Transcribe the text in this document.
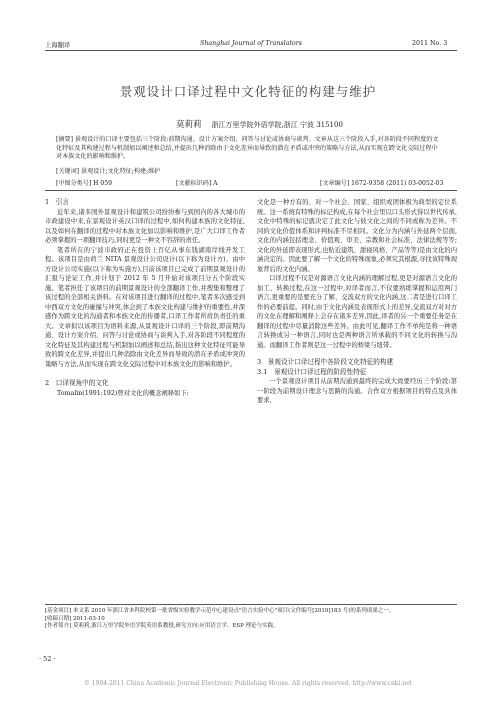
上海翻译	Shanghai Journal of Translators	2011 No. 3
景观设计口译过程中文化特征的构建与维护
莫莉莉 浙江万里学院外语学院,浙江 宁波 315100
[摘要] 景观设计的口译主要包括三个阶段:前期沟通、设计方案介绍、问答与讨论或协商与谈判。文章从这三个阶段入手,对各阶段不同程度的文化特征及其构建过程与机制加以阐述和总结,并提出几种消除由于文化差异而导致的潜在矛盾或冲突的策略与方法,从而实现在跨文化交际过程中对本族文化的影响和维护。
[关键词] 景观设计;文化特征;构建;维护
[中图分类号] H 059	[文献标识码] A	[文章编号] 1672-9358 (2011) 03-0052-03
1　引言

近年来,诸多国外景观设计和建筑公司纷纷参与到国内的各大城市的市政建设中来,在景观设计英汉口译的过程中,如何构建本族的文化特征,以及如何在翻译的过程中对本族文化加以影响和维护,是广大口译工作者必须掌握的一项翻译技巧,同时更是一种文不容辞的责任。

笔者所在的宁波市政府正在投资上百亿从事东钱湖南岸线开发工程。该项目是由荷兰 NITA 景观设计公司设计(以下称为设计方)、由中方设计公司实施(以下称为实施方),目前该项目已完成了前期景观设计的汇报与论证工作,并计划于 2012 年 5 月开始对该项目分五个阶段实施。笔者担任了该项目的前期景观设计的全部翻译工作,并搜集和整理了该过程的全部相关语料。在对该项目进行翻译的过程中,笔者多次感受到中西双方文化的碰撞与冲突,体会到了本族文化构建与维护的重要性,并深感作为跨文化的沟通者和本族文化的传播者,口译工作者所肩负责任的重大。文章拟以该项目为语料来源,从景观设计口译的三个阶段,即前期沟通、设计方案介绍、问答与讨论或协商与谈判入手,对各阶段不同程度的文化特征及其构建过程与机制加以阐述和总结,指出这种文化特征可能导致的跨文化差异,并提出几种消除由文化差异而导致的潜在矛盾或冲突的策略与方法,从而实现在跨文化交际过程中对本族文化的影响和维护。

2　口译视角中的文化

Tomalin(1991:192)曾对文化的概念阐释如下:

文化是一种方有的、对一个社会、国家、组织或团体极为典型的定位系统。这一系统有特殊的标记构成,在每个社会里以口头形式得以世代传承,文化中特殊的标记就决定了此文化与彼文化之间的不同或称为差异。不同的文化价值体系和评判标准不尽相同。文化分为内涵与外延两个层面,文化的内涵包括理念、价值观、审美、宗教和社会标准、法律法规等等;文化的外延即表现形式,也贴近建筑、甜寝风格、产品等等)是由文化的内涵决定的。因此要了解一个文化的特殊现象,必须究其根源,寻找该特殊现象背后的文化内涵。

口译过程不仅是对源语言文化内涵的理解过程,更是对源语言文化的加工、转换过程,在这一过程中,对译者而言,不仅要熟练掌握和运用两门语言,更重要的是要充分了解、交流双方的文化内涵,这二者是进行口译工作的必要前提。同时,由于文化内涵及表现形式上的差异,交流双方对对方的文化在理解和阐释上会存在诸多差异,因此,译者的另一个重要任务是在翻译的过程中尽量消除这些差异。由此可见,翻译工作不单纯是将一种语言转换成另一种语言,同时也是两种语言所承载的不同文化的转换与沟通。而翻译工作者则是这一过程中的桥梁与纽带。

3　景观设计口译过程中各阶段文化特征的构建
3.1　景观设计口译过程的阶段性特征

一个景观设计项目从前期沟通到最终的完成大致要经历三个阶段:第一阶段为前期设计理念与思路的沟通。合作双方根据项目的特点及具体要求,

[基金项目] 本文系 2010 年浙江省本科院校第一批省级实验教学示范中心建设点"语言实验中心"项目(文件编号[2010]183 号)的系列成果之一。
[收稿日期] 2011-03-10
[作者简介] 莫莉莉,浙江万里学院外语学院英语系教授,研究方向:应用语言学、ESP 理论与实践。
· 52 ·
© 1994-2011 China Academic Journal Electronic Publishing House. All rights reserved. http://www.cnki.net
